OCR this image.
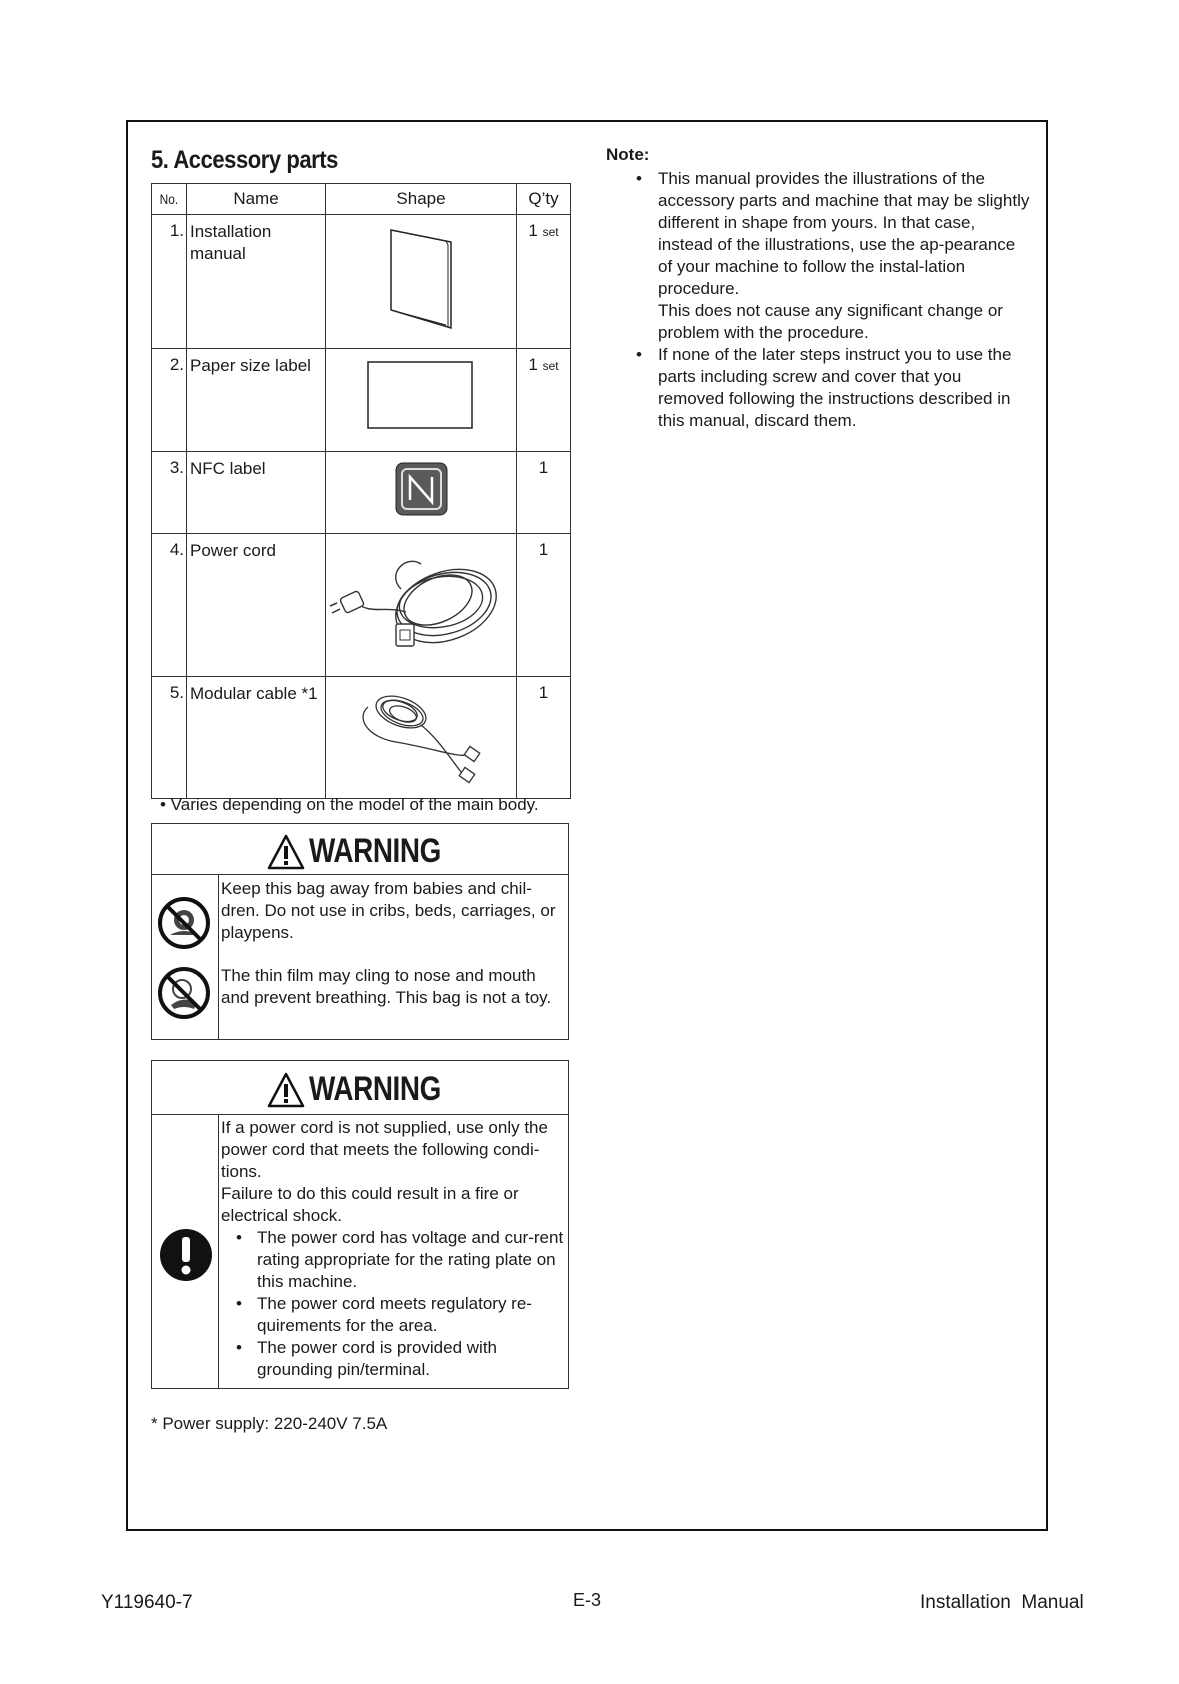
5. Accessory parts
No.	Name	Shape	Q’ty
1.	Installation manual		1 set
2.	Paper size label		1 set
3.	NFC label		1
4.	Power cord		1
5.	Modular cable *1		1
• Varies depending on the model of the main body.
WARNING
Keep this bag away from babies and chil-dren. Do not use in cribs, beds, carriages, or playpens.
The thin film may cling to nose and mouth and prevent breathing. This bag is not a toy.
WARNING
If a power cord is not supplied, use only the power cord that meets the following condi-tions.
Failure to do this could result in a fire or electrical shock.
• The power cord has voltage and cur-rent rating appropriate for the rating plate on this machine.
• The power cord meets regulatory re-quirements for the area.
• The power cord is provided with grounding pin/terminal.
* Power supply: 220-240V 7.5A
Note:
• This manual provides the illustrations of the accessory parts and machine that may be slightly different in shape from yours. In that case, instead of the illustrations, use the ap-pearance of your machine to follow the instal-lation procedure.
This does not cause any significant change or problem with the procedure.
• If none of the later steps instruct you to use the parts including screw and cover that you removed following the instructions described in this manual, discard them.
Y119640-7	E-3	Installation  Manual
